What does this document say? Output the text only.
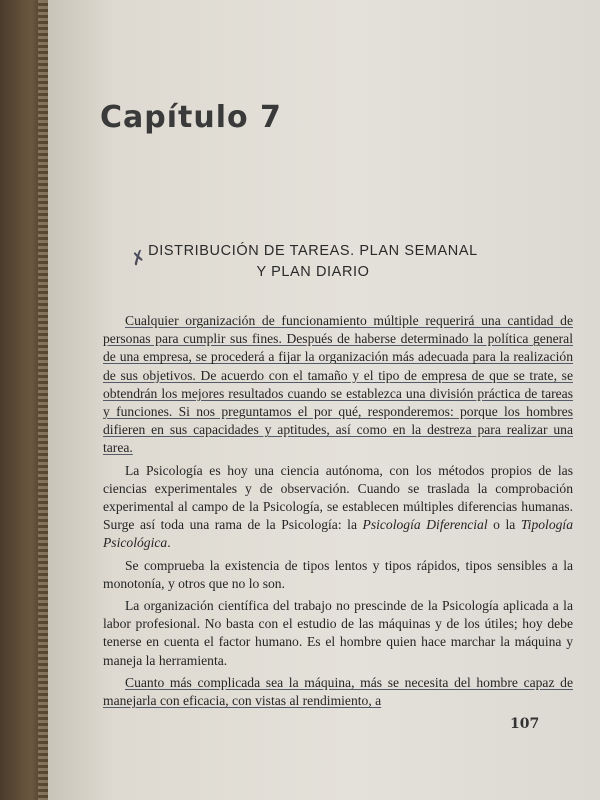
Capítulo 7
✗
DISTRIBUCIÓN DE TAREAS. PLAN SEMANAL
Y PLAN DIARIO

Cualquier organización de funcionamiento múltiple requerirá una cantidad de personas para cumplir sus fines. Después de haberse determinado la política general de una empresa, se procederá a fijar la organización más adecuada para la realización de sus objetivos. De acuerdo con el tamaño y el tipo de empresa de que se trate, se obtendrán los mejores resultados cuando se establezca una división práctica de tareas y funciones. Si nos preguntamos el por qué, responderemos: porque los hombres difieren en sus capacidades y aptitudes, así como en la destreza para realizar una tarea.

La Psicología es hoy una ciencia autónoma, con los métodos propios de las ciencias experimentales y de observación. Cuando se traslada la comprobación experimental al campo de la Psicología, se establecen múltiples diferencias humanas. Surge así toda una rama de la Psicología: la Psicología Diferencial o la Tipología Psicológica.

Se comprueba la existencia de tipos lentos y tipos rápidos, tipos sensibles a la monotonía, y otros que no lo son.

La organización científica del trabajo no prescinde de la Psicología aplicada a la labor profesional. No basta con el estudio de las máquinas y de los útiles; hoy debe tenerse en cuenta el factor humano. Es el hombre quien hace marchar la máquina y maneja la herramienta.

Cuanto más complicada sea la máquina, más se necesita del hombre capaz de manejarla con eficacia, con vistas al rendimiento, a

107
